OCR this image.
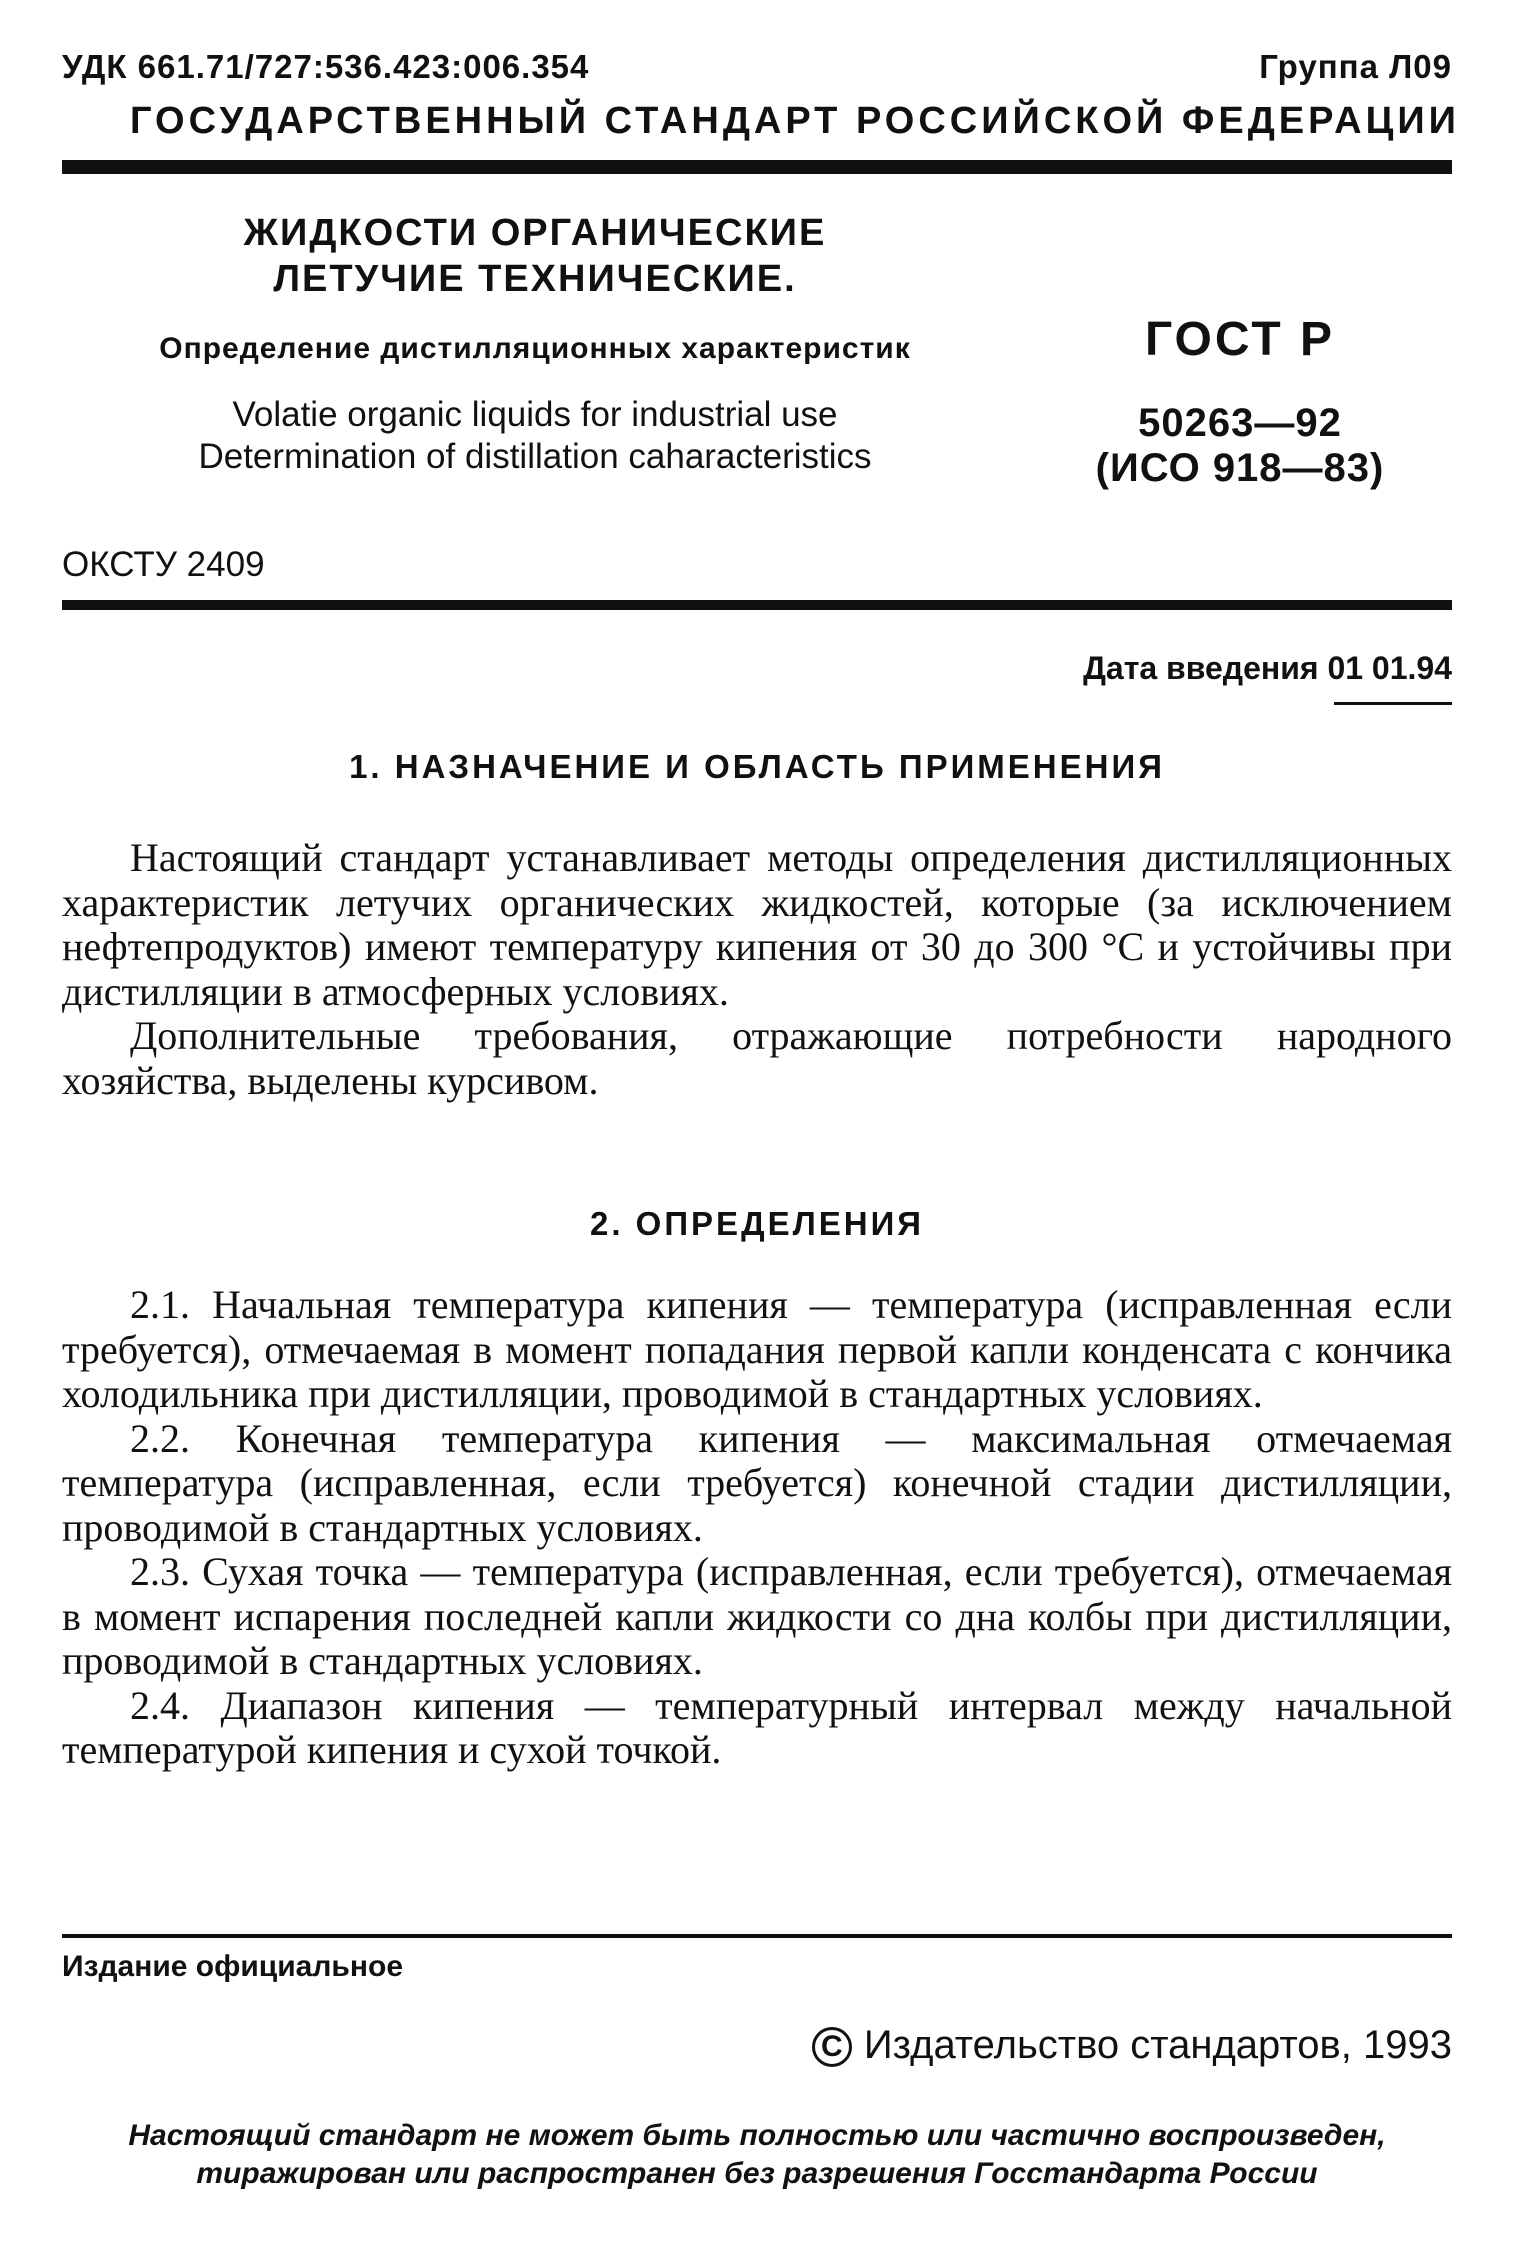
УДК 661.71/727:536.423:006.354	Группа Л09
ГОСУДАРСТВЕННЫЙ СТАНДАРТ РОССИЙСКОЙ ФЕДЕРАЦИИ
ЖИДКОСТИ ОРГАНИЧЕСКИЕ
ЛЕТУЧИЕ ТЕХНИЧЕСКИЕ.
Определение дистилляционных характеристик
Volatie organic liquids for industrial use
Determination of distillation caharacteristics
ГОСТ Р
50263—92
(ИСО 918—83)
ОКСТУ 2409
Дата введения 01 01.94
1. НАЗНАЧЕНИЕ И ОБЛАСТЬ ПРИМЕНЕНИЯ

Настоящий стандарт устанавливает методы определения дистилляционных характеристик летучих органических жидкостей, которые (за исключением нефтепродуктов) имеют температуру кипения от 30 до 300 °С и устойчивы при дистилляции в атмосферных условиях.

Дополнительные требования, отражающие потребности народного хозяйства, выделены курсивом.

2. ОПРЕДЕЛЕНИЯ

2.1. Начальная температура кипения — температура (исправленная если требуется), отмечаемая в момент попадания первой капли конденсата с кончика холодильника при дистилляции, проводимой в стандартных условиях.

2.2. Конечная температура кипения — максимальная отмечаемая температура (исправленная, если требуется) конечной стадии дистилляции, проводимой в стандартных условиях.

2.3. Сухая точка — температура (исправленная, если требуется), отмечаемая в момент испарения последней капли жидкости со дна колбы при дистилляции, проводимой в стандартных условиях.

2.4. Диапазон кипения — температурный интервал между начальной температурой кипения и сухой точкой.

Издание официальное
С Издательство стандартов, 1993
Настоящий стандарт не может быть полностью или частично воспроизведен,
тиражирован или распространен без разрешения Госстандарта России
